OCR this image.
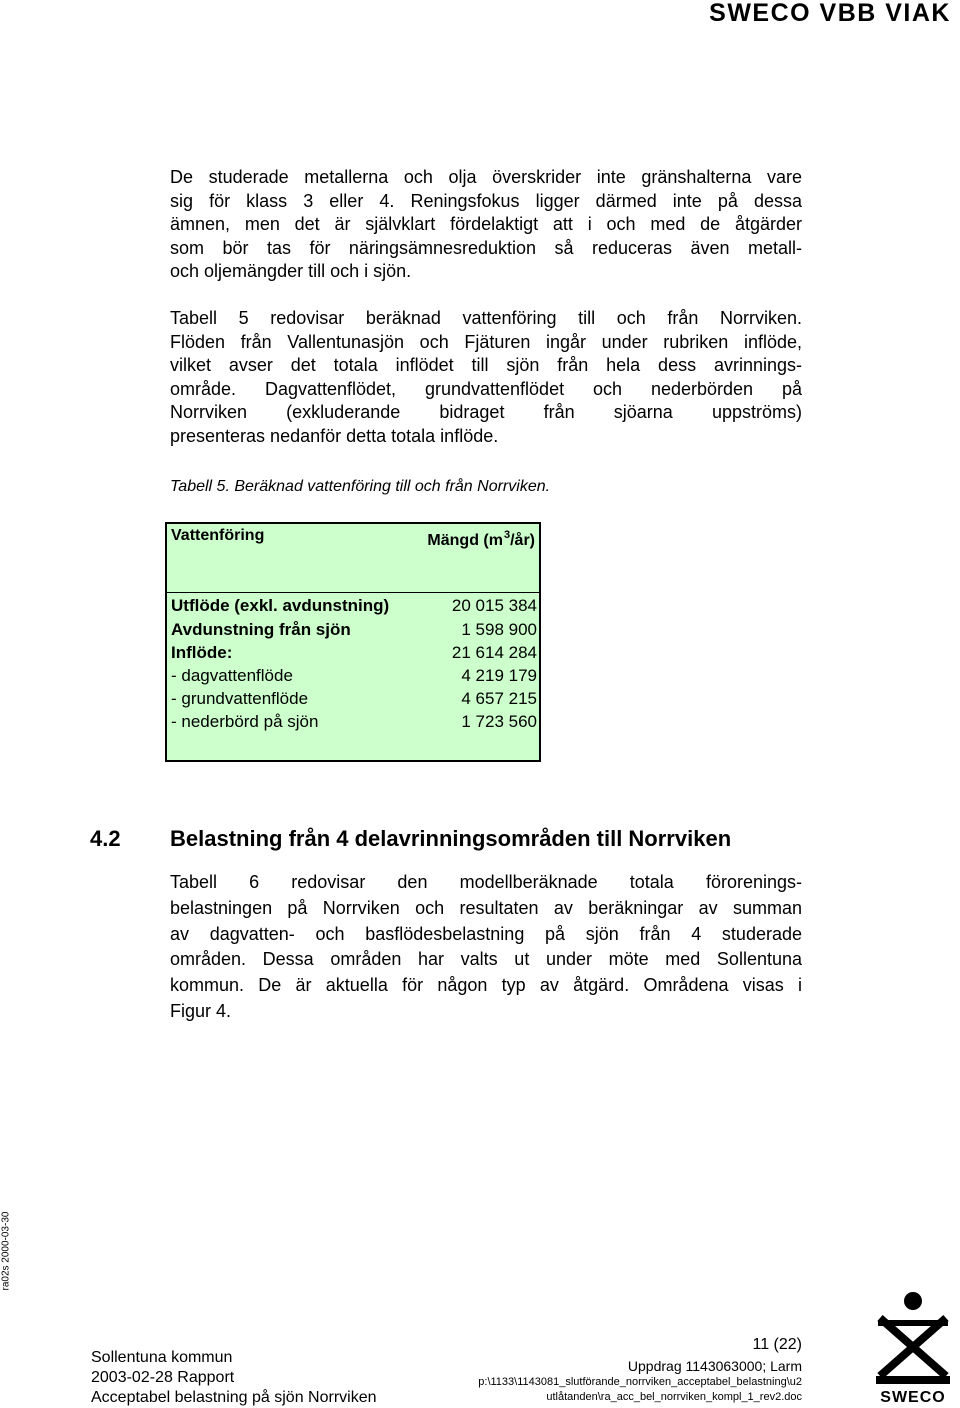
SWECO VBB VIAK
De studerade metallerna och olja överskrider inte gränshalterna vare
sig för klass 3 eller 4. Reningsfokus ligger därmed inte på dessa
ämnen, men det är självklart fördelaktigt att i och med de åtgärder
som bör tas för näringsämnesreduktion så reduceras även metall-
och oljemängder till och i sjön.
Tabell 5 redovisar beräknad vattenföring till och från Norrviken.
Flöden från Vallentunasjön och Fjäturen ingår under rubriken inflöde,
vilket avser det totala inflödet till sjön från hela dess avrinnings-
område. Dagvattenflödet, grundvattenflödet och nederbörden på
Norrviken (exkluderande bidraget från sjöarna uppströms)
presenteras nedanför detta totala inflöde.
Tabell 5. Beräknad vattenföring till och från Norrviken.
Vattenföring	Mängd $(m^3/år)$
Utflöde (exkl. avdunstning)	20 015 384
Avdunstning från sjön	1 598 900
Inflöde:	21 614 284
- dagvattenflöde	4 219 179
- grundvattenflöde	4 657 215
- nederbörd på sjön	1 723 560
4.2 Belastning från 4 delavrinningsområden till Norrviken
Tabell 6 redovisar den modellberäknade totala förorenings-
belastningen på Norrviken och resultaten av beräkningar av summan
av dagvatten- och basflödesbelastning på sjön från 4 studerade
områden. Dessa områden har valts ut under möte med Sollentuna
kommun. De är aktuella för någon typ av åtgärd. Områdena visas i
Figur 4.
ra02s 2000-03-30
Sollentuna kommun
2003-02-28 Rapport
Acceptabel belastning på sjön Norrviken
11 (22)
Uppdrag 1143063000; Larm
p:\1133\1143081_slutförande_norrviken_acceptabel_belastning\u2
utlåtanden\ra_acc_bel_norrviken_kompl_1_rev2.doc	SWECO
